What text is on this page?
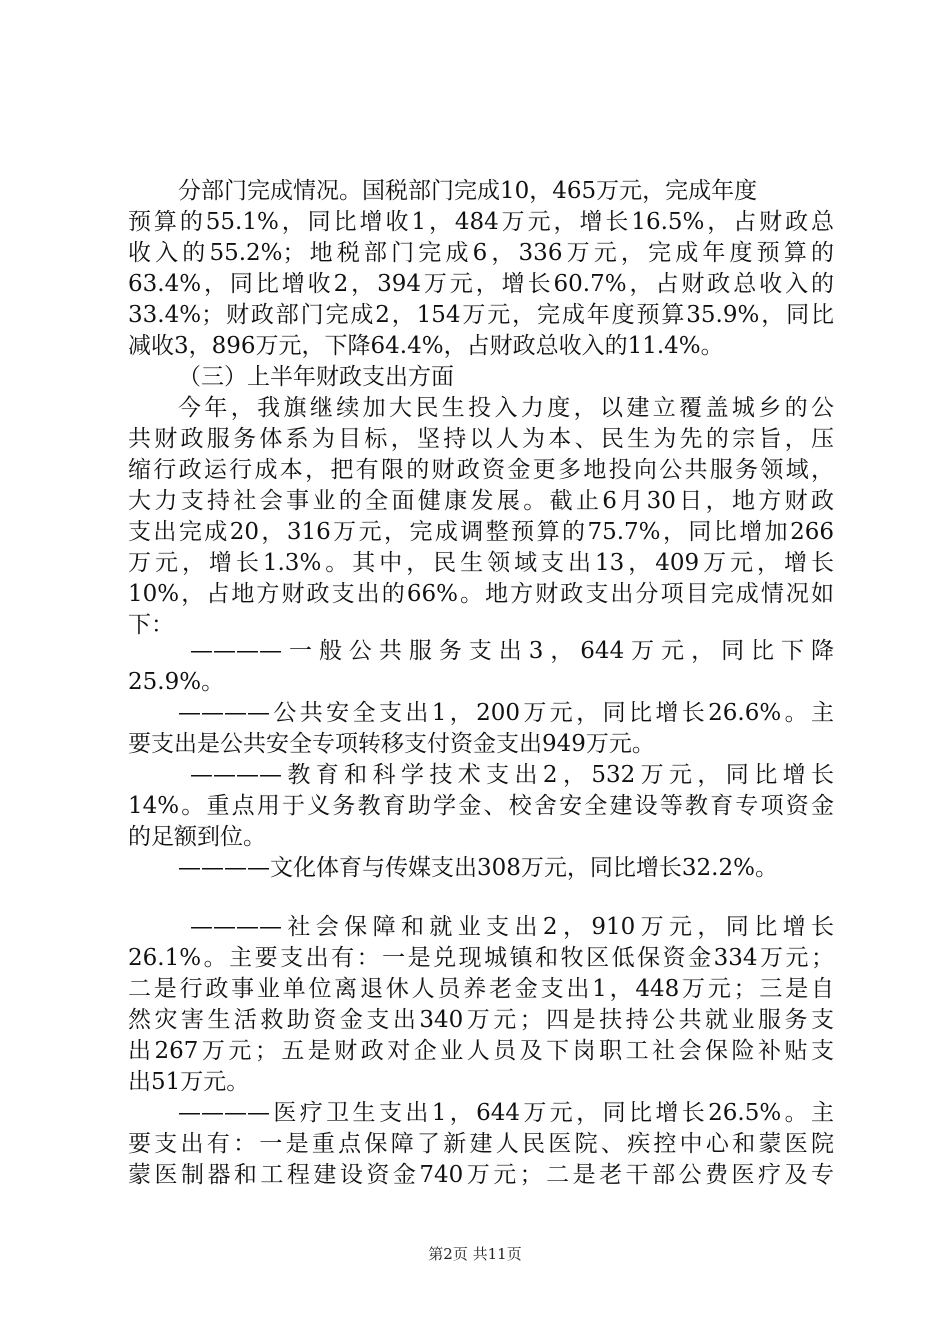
分部门完成情况。国税部门完成10，465万元，完成年度
预算的55.1%，同比增收1，484万元，增长16.5%，占财政总
收入的55.2%；地税部门完成6，336万元，完成年度预算的
63.4%，同比增收2，394万元，增长60.7%，占财政总收入的
33.4%；财政部门完成2，154万元，完成年度预算35.9%，同比
减收3，896万元，下降64.4%，占财政总收入的11.4%。
（三）上半年财政支出方面
今年，我旗继续加大民生投入力度，以建立覆盖城乡的公
共财政服务体系为目标，坚持以人为本、民生为先的宗旨，压
缩行政运行成本，把有限的财政资金更多地投向公共服务领域，
大力支持社会事业的全面健康发展。截止6月30日，地方财政
支出完成20，316万元，完成调整预算的75.7%，同比增加266
万元，增长1.3%。其中，民生领域支出13，409万元，增长
10%，占地方财政支出的66%。地方财政支出分项目完成情况如
下：
————一般公共服务支出3，644万元，同比下降
25.9%。
————公共安全支出1，200万元，同比增长26.6%。主
要支出是公共安全专项转移支付资金支出949万元。
————教育和科学技术支出2，532万元，同比增长
14%。重点用于义务教育助学金、校舍安全建设等教育专项资金
的足额到位。
————文化体育与传媒支出308万元，同比增长32.2%。
————社会保障和就业支出2，910万元，同比增长
26.1%。主要支出有：一是兑现城镇和牧区低保资金334万元；
二是行政事业单位离退休人员养老金支出1，448万元；三是自
然灾害生活救助资金支出340万元；四是扶持公共就业服务支
出267万元；五是财政对企业人员及下岗职工社会保险补贴支
出51万元。
————医疗卫生支出1，644万元，同比增长26.5%。主
要支出有：一是重点保障了新建人民医院、疾控中心和蒙医院
蒙医制器和工程建设资金740万元；二是老干部公费医疗及专
第2页 共11页
